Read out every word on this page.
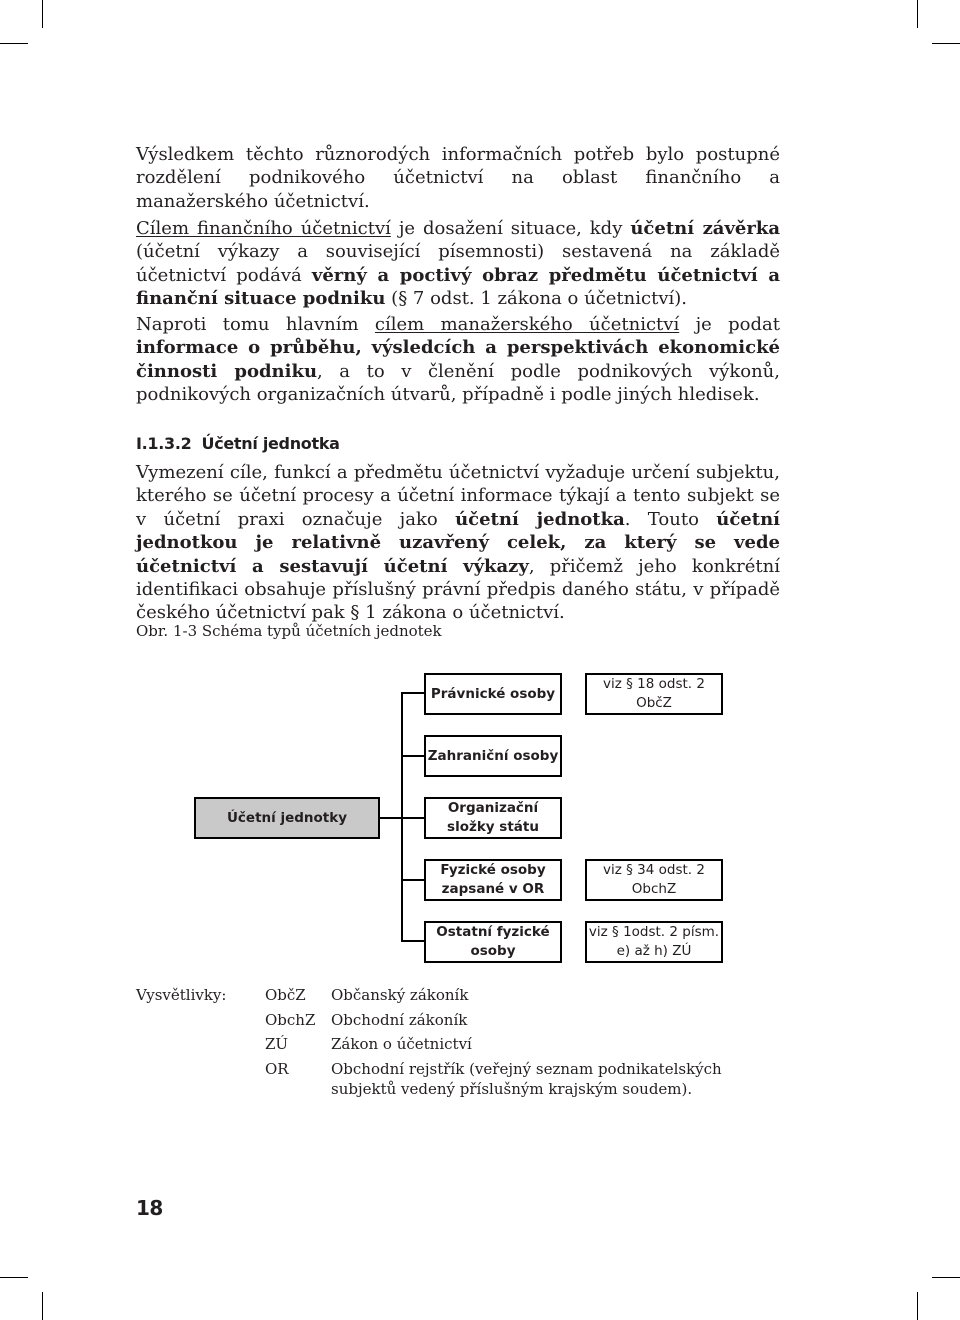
Výsledkem těchto různorodých informačních potřeb bylo postupné rozdělení podnikového účetnictví na oblast finančního a manažerského účetnictví.

Cílem finančního účetnictví je dosažení situace, kdy účetní závěrka (účetní výkazy a související písemnosti) sestavená na základě účetnictví podává věrný a poctivý obraz předmětu účetnictví a finanční situace podniku (§ 7 odst. 1 zákona o účetnictví).

Naproti tomu hlavním cílem manažerského účetnictví je podat informace o průběhu, výsledcích a perspektivách ekonomické činnosti podniku, a to v členění podle podnikových výkonů, podnikových organizačních útvarů, případně i podle jiných hledisek.

I.1.3.2 Účetní jednotka

Vymezení cíle, funkcí a předmětu účetnictví vyžaduje určení subjektu, kterého se účetní procesy a účetní informace týkají a tento subjekt se v účetní praxi označuje jako účetní jednotka. Touto účetní jednotkou je relativně uzavřený celek, za který se vede účetnictví a sestavují účetní výkazy, přičemž jeho konkrétní identifikaci obsahuje příslušný právní předpis daného státu, v případě českého účetnictví pak § 1 zákona o účetnictví.

Obr. 1-3 Schéma typů účetních jednotek

Účetní jednotky
Právnické osoby
Zahraniční osoby
Organizační
složky státu
Fyzické osoby
zapsané v OR
Ostatní fyzické
osoby
viz § 18 odst. 2
ObčZ
viz § 34 odst. 2
ObchZ
viz § 1odst. 2 písm.
e) až h) ZÚ

Vysvětlivky:	ObčZ Občanský zákoník

ObchZ Obchodní zákoník

ZÚ	Zákon o účetnictví

OR	Obchodní rejstřík (veřejný seznam podnikatelských subjektů vedený příslušným krajským soudem).

18
